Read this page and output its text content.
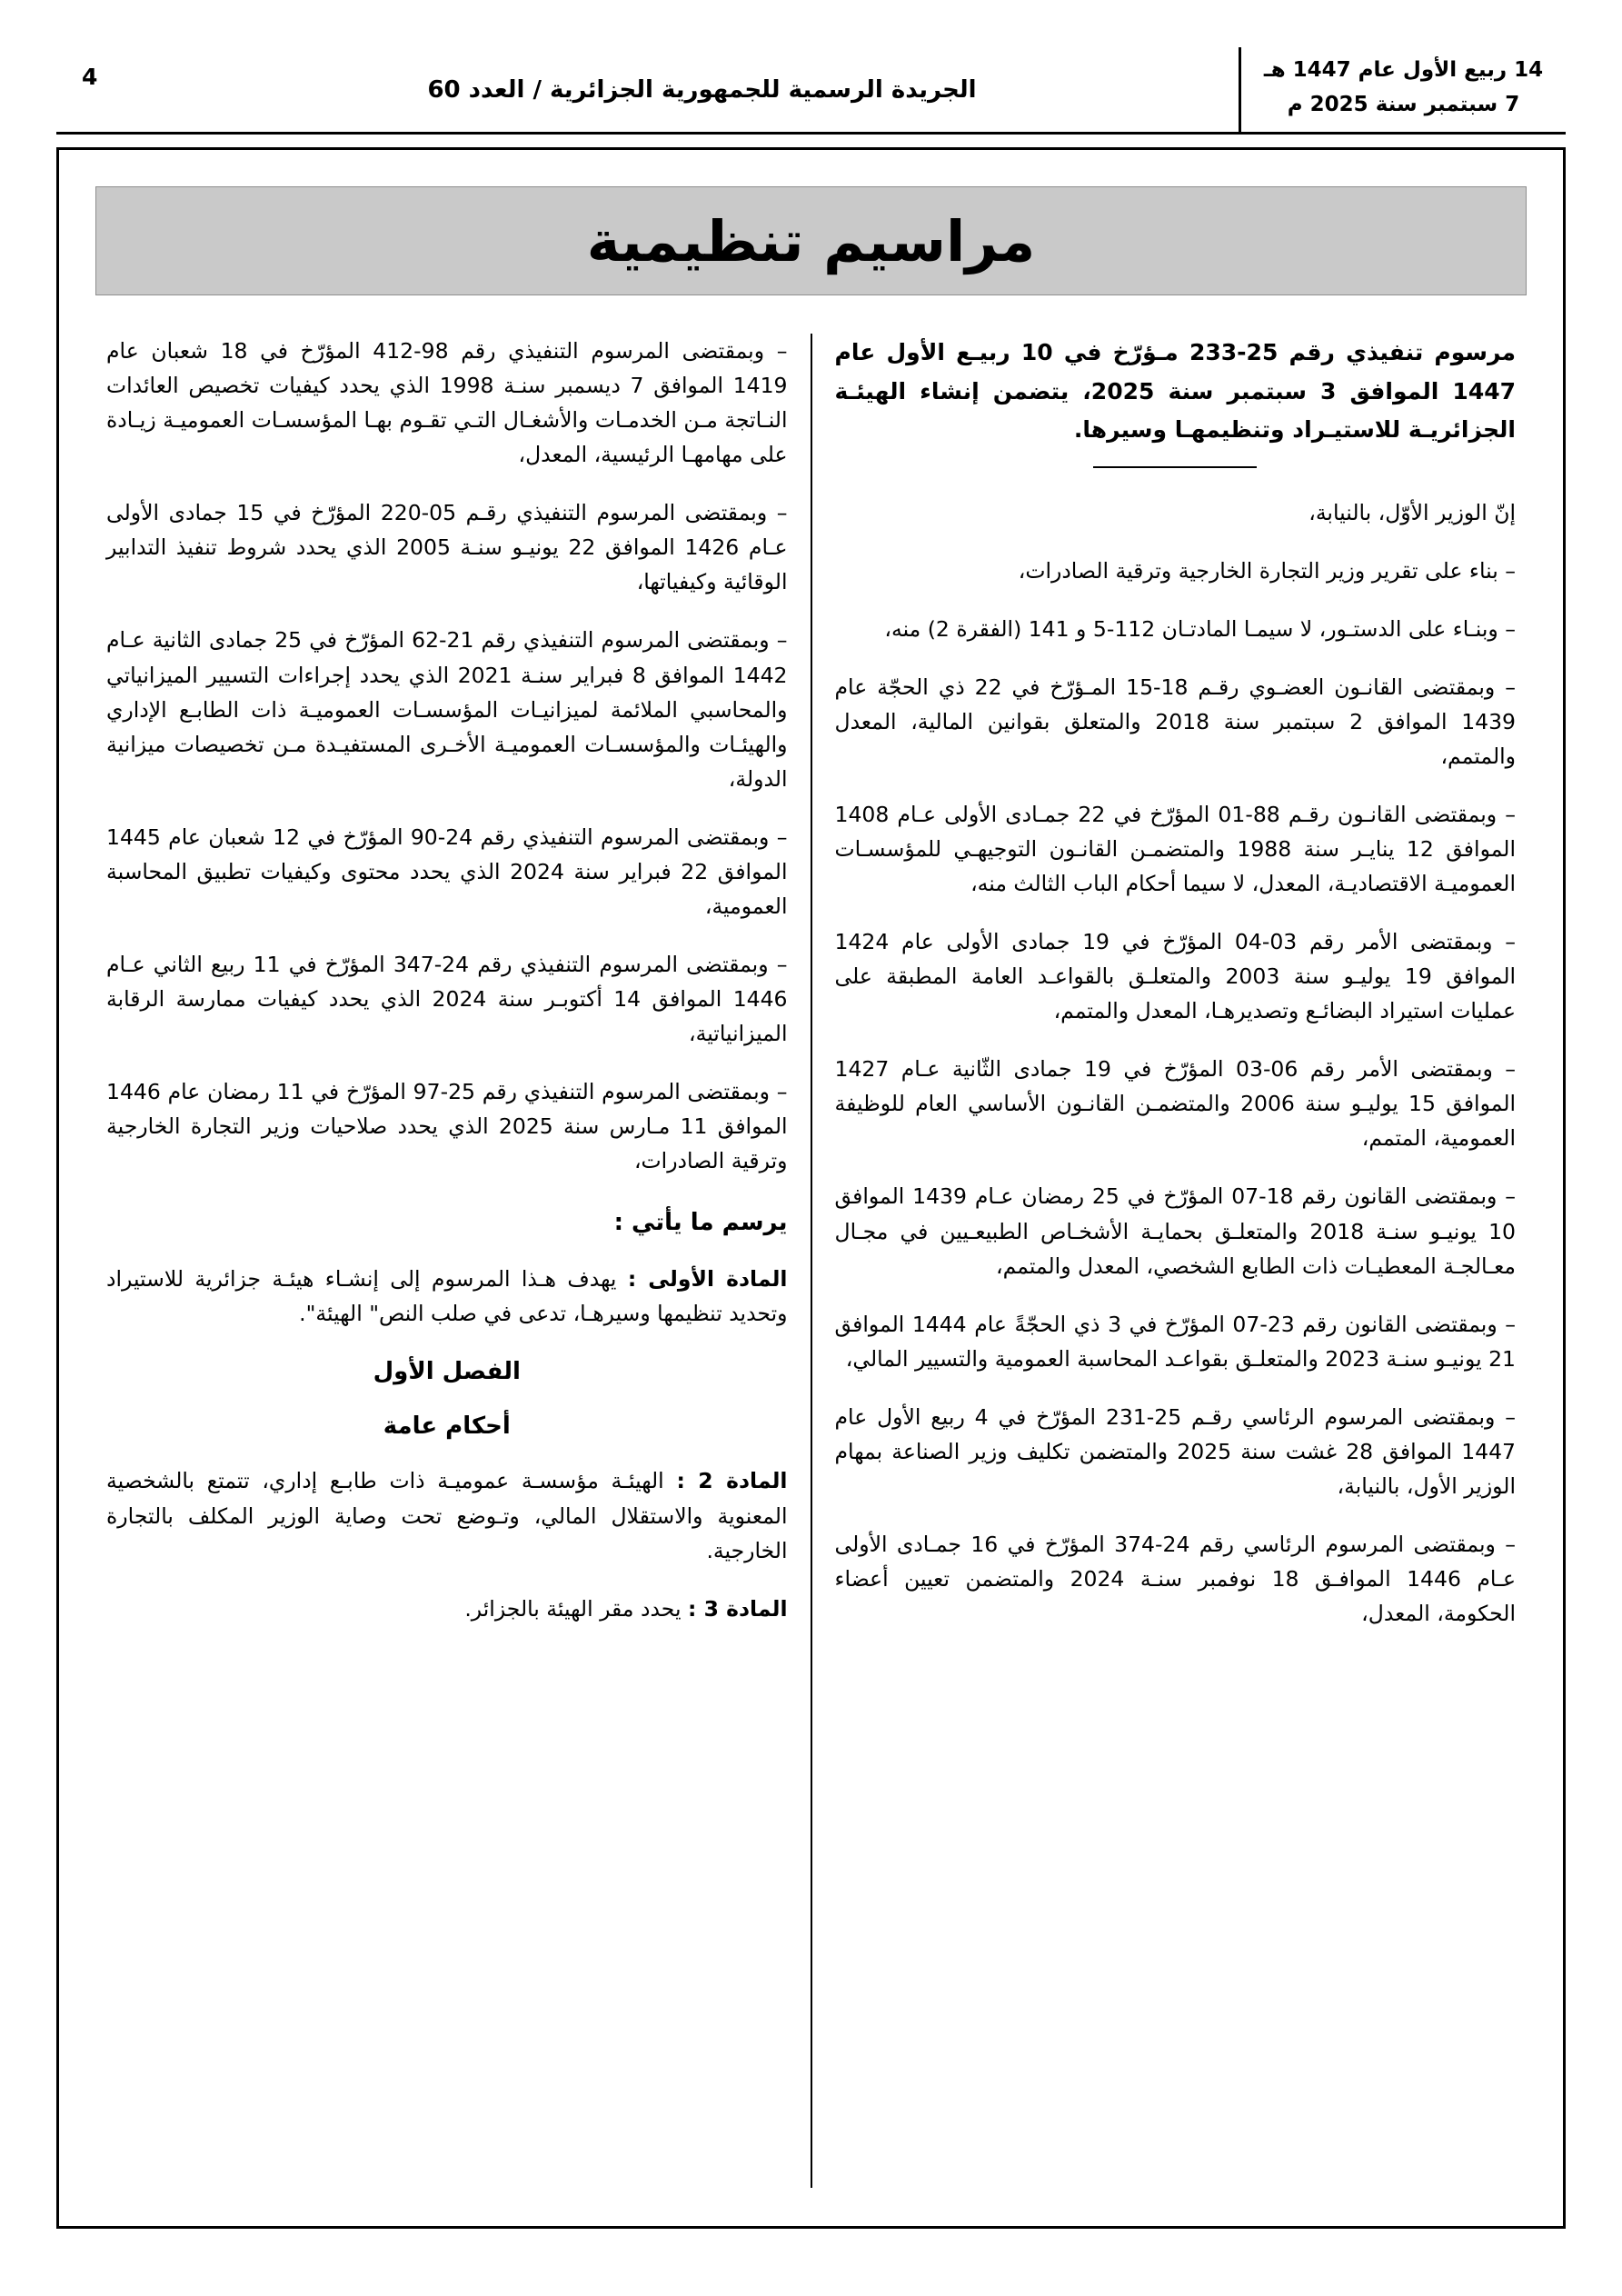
14 ربيع الأول عام 1447 هـ
7 سبتمبر سنة 2025 م
الجريدة الرسمية للجمهورية الجزائرية / العدد 60
4
مراسيم تنظيمية
مرسوم تنفيذي رقم 25-233 مـؤرّخ في 10 ربيـع الأول عام 1447 الموافق 3 سبتمبر سنة 2025، يتضمن إنشاء الهيئـة الجزائريـة للاستيـراد وتنظيمهـا وسيرها.

إنّ الوزير الأوّل، بالنيابة،

– بناء على تقرير وزير التجارة الخارجية وترقية الصادرات،

– وبنـاء على الدستـور، لا سيمـا المادتـان 112-5 و 141 (الفقرة 2) منه،

– وبمقتضى القانـون العضـوي رقـم 18-15 المـؤرّخ في 22 ذي الحجّة عام 1439 الموافق 2 سبتمبر سنة 2018 والمتعلق بقوانين المالية، المعدل والمتمم،

– وبمقتضى القانـون رقـم 88-01 المؤرّخ في 22 جمـادى الأولى عـام 1408 الموافق 12 ينايـر سنة 1988 والمتضمـن القانـون التوجيهـي للمؤسسـات العموميـة الاقتصاديـة، المعدل، لا سيما أحكام الباب الثالث منه،

– وبمقتضى الأمر رقم 03-04 المؤرّخ في 19 جمادى الأولى عام 1424 الموافق 19 يوليـو سنة 2003 والمتعلـق بالقواعـد العامة المطبقة على عمليات استيراد البضائـع وتصديرهـا، المعدل والمتمم،

– وبمقتضى الأمر رقم 06-03 المؤرّخ في 19 جمادى الثّانية عـام 1427 الموافق 15 يوليـو سنة 2006 والمتضمـن القانـون الأساسي العام للوظيفة العمومية، المتمم،

– وبمقتضى القانون رقم 18-07 المؤرّخ في 25 رمضان عـام 1439 الموافق 10 يونيـو سنـة 2018 والمتعلـق بحمايـة الأشخـاص الطبيعـيين في مجـال معـالجـة المعطيـات ذات الطابع الشخصي، المعدل والمتمم،

– وبمقتضى القانون رقم 23-07 المؤرّخ في 3 ذي الحجّةً عام 1444 الموافق 21 يونيـو سنـة 2023 والمتعلـق بقواعـد المحاسبة العمومية والتسيير المالي،

– وبمقتضى المرسوم الرئاسي رقـم 25-231 المؤرّخ في 4 ربيع الأول عام 1447 الموافق 28 غشت سنة 2025 والمتضمن تكليف وزير الصناعة بمهام الوزير الأول، بالنيابة،

– وبمقتضى المرسوم الرئاسي رقم 24-374 المؤرّخ في 16 جمـادى الأولى عـام 1446 الموافـق 18 نوفمبر سنـة 2024 والمتضمن تعيين أعضاء الحكومة، المعدل،

– وبمقتضى المرسوم التنفيذي رقم 98-412 المؤرّخ في 18 شعبان عام 1419 الموافق 7 ديسمبر سنـة 1998 الذي يحدد كيفيات تخصيص العائدات النـاتجة مـن الخدمـات والأشغـال التـي تقـوم بهـا المؤسسـات العموميـة زيـادة على مهامهـا الرئيسية، المعدل،

– وبمقتضى المرسوم التنفيذي رقـم 05-220 المؤرّخ في 15 جمادى الأولى عـام 1426 الموافق 22 يونيـو سنـة 2005 الذي يحدد شروط تنفيذ التدابير الوقائية وكيفياتها،

– وبمقتضى المرسوم التنفيذي رقم 21-62 المؤرّخ في 25 جمادى الثانية عـام 1442 الموافق 8 فبراير سنـة 2021 الذي يحدد إجراءات التسيير الميزانياتي والمحاسبي الملائمة لميزانيـات المؤسسـات العموميـة ذات الطابـع الإداري والهيئـات والمؤسسـات العموميـة الأخـرى المستفيـدة مـن تخصيصات ميزانية الدولة،

– وبمقتضى المرسوم التنفيذي رقم 24-90 المؤرّخ في 12 شعبان عام 1445 الموافق 22 فبراير سنة 2024 الذي يحدد محتوى وكيفيات تطبيق المحاسبة العمومية،

– وبمقتضى المرسوم التنفيذي رقم 24-347 المؤرّخ في 11 ربيع الثاني عـام 1446 الموافق 14 أكتوبـر سنة 2024 الذي يحدد كيفيات ممارسة الرقابة الميزانياتية،

– وبمقتضى المرسوم التنفيذي رقم 25-97 المؤرّخ في 11 رمضان عام 1446 الموافق 11 مـارس سنة 2025 الذي يحدد صلاحيات وزير التجارة الخارجية وترقية الصادرات،

يرسم ما يأتي :

المادة الأولى : يهدف هـذا المرسوم إلى إنشـاء هيئـة جزائرية للاستيراد وتحديد تنظيمها وسيرهـا، تدعى في صلب النص" الهيئة".

الفصل الأول
أحكام عامة

المادة 2 : الهيئـة مؤسسـة عموميـة ذات طابـع إداري، تتمتع بالشخصية المعنوية والاستقلال المالي، وتـوضع تحت وصاية الوزير المكلف بالتجارة الخارجية.

المادة 3 : يحدد مقر الهيئة بالجزائر.
